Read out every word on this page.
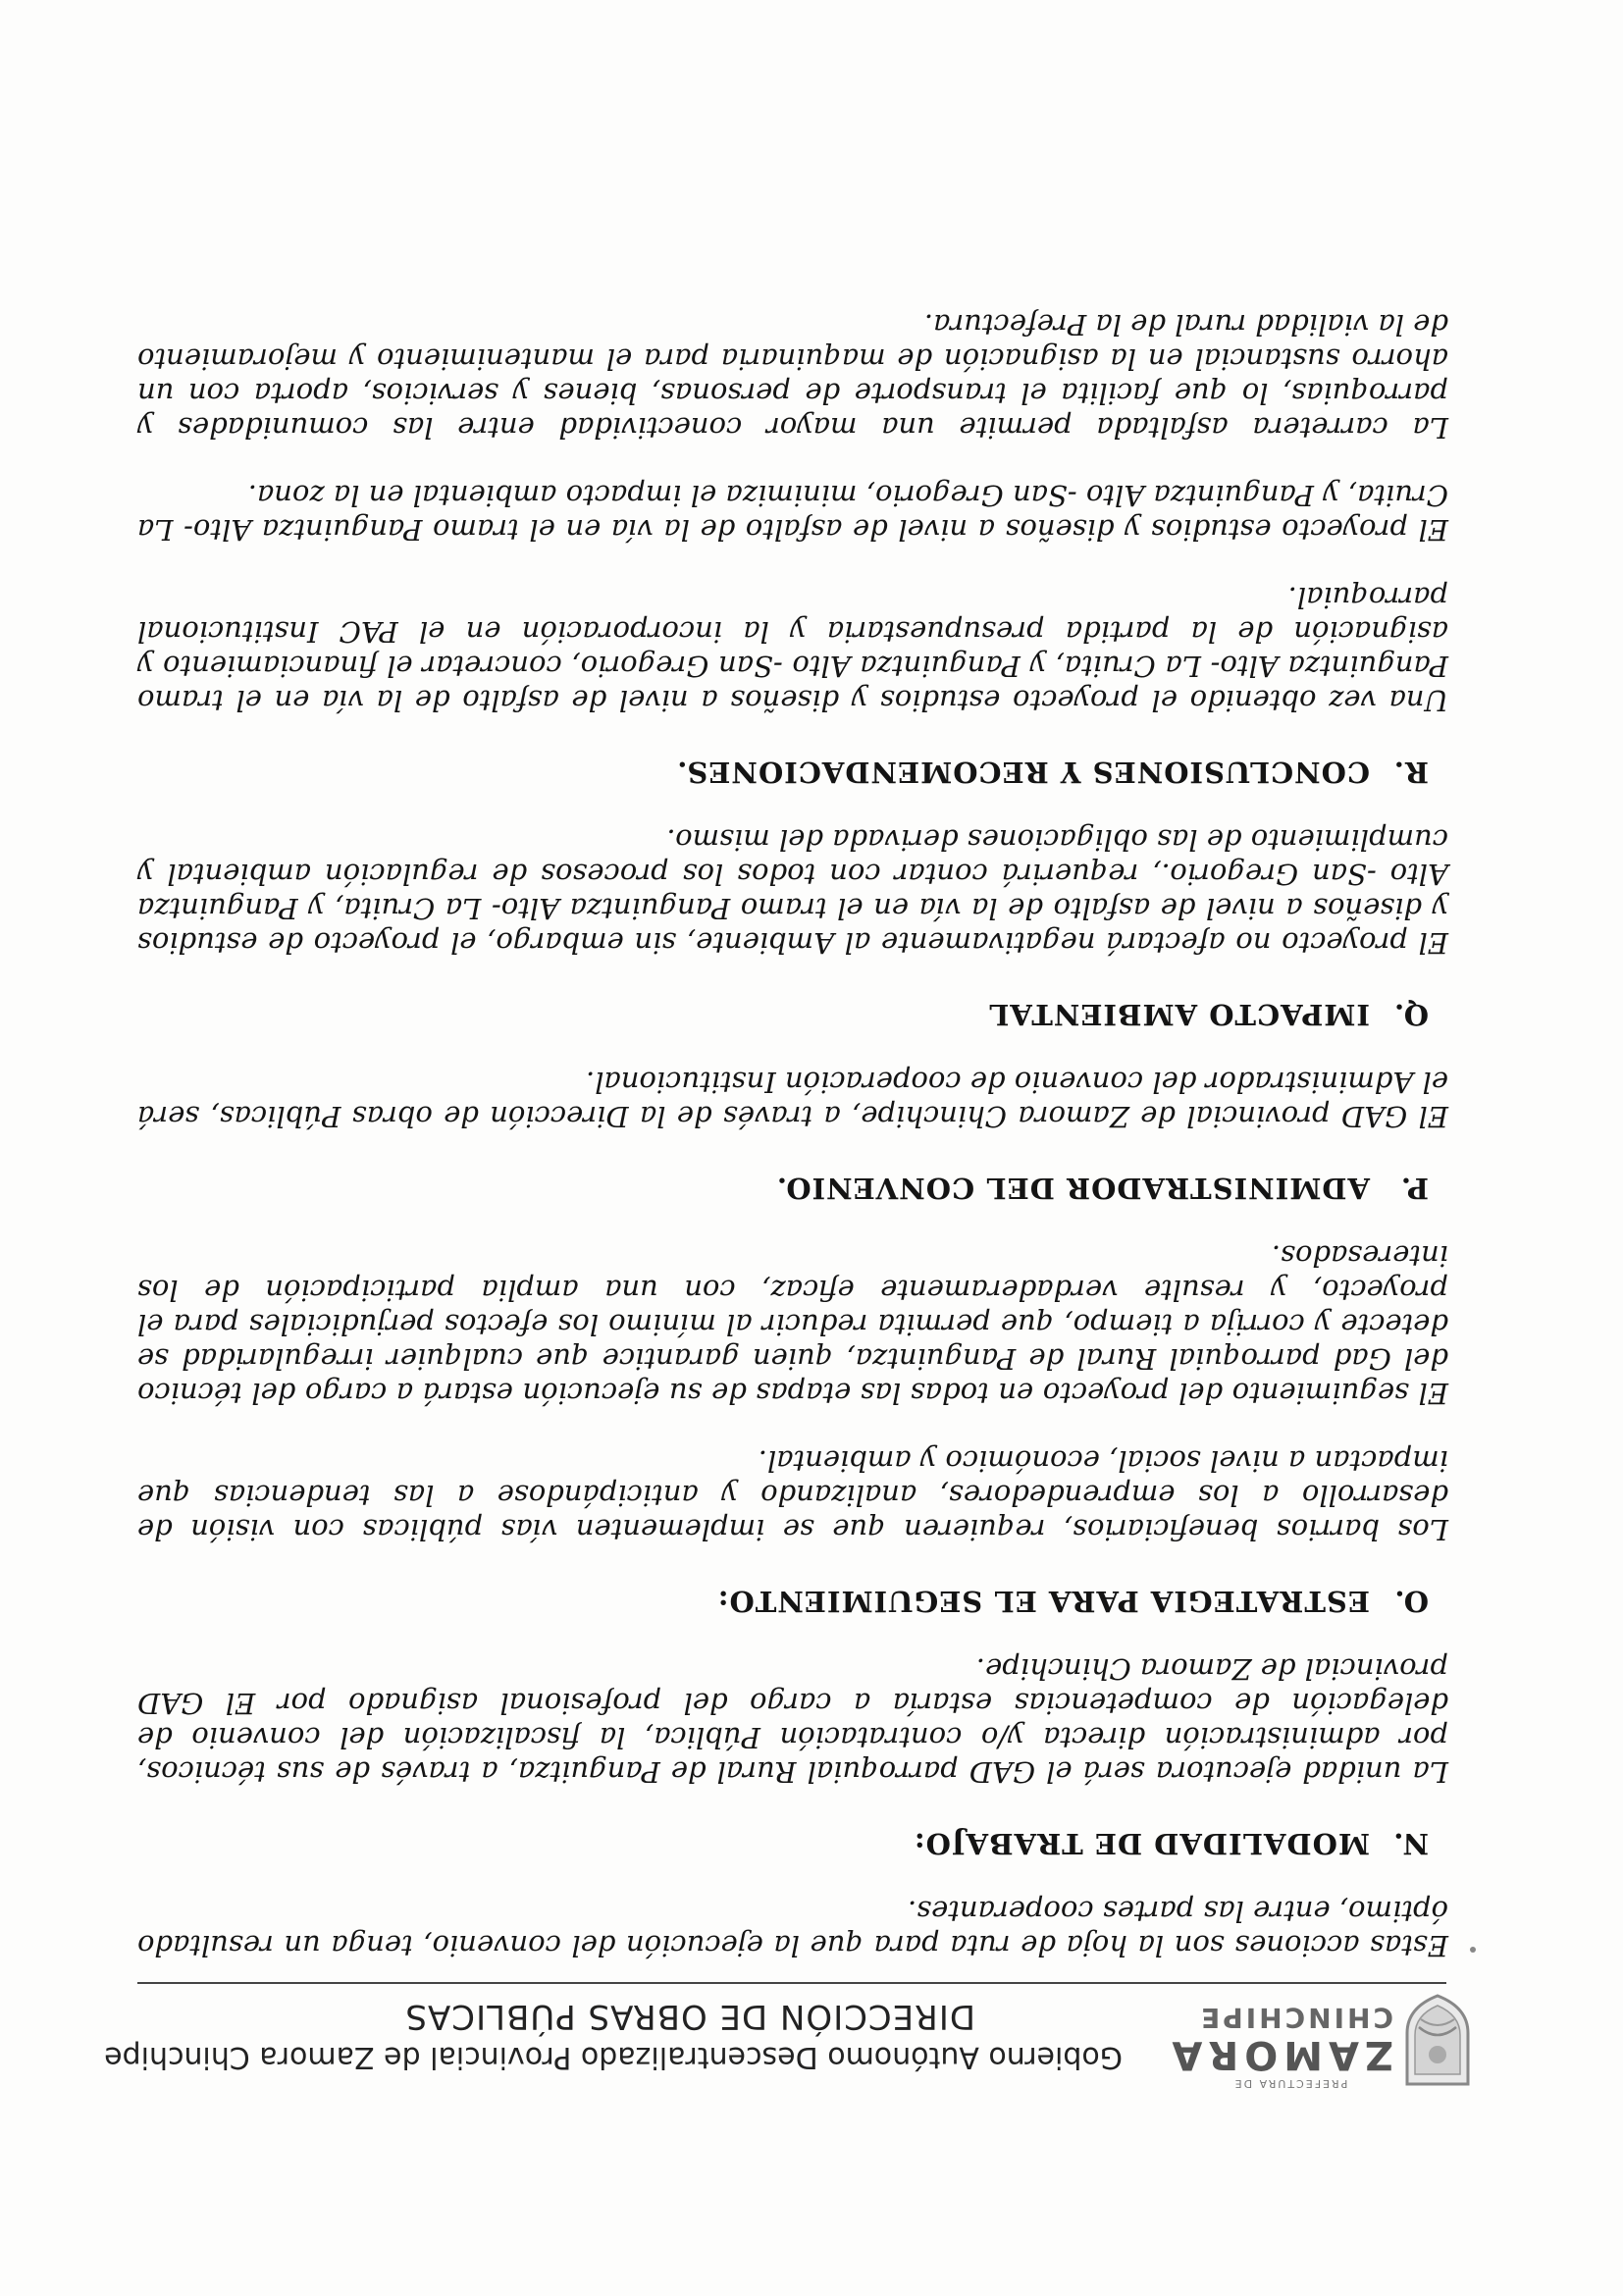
PREFECTURA DE
ZAMORA
CHINCHIPE
Gobierno Autónomo Descentralizado Provincial de Zamora Chinchipe
DIRECCIÓN DE OBRAS PÚBLICAS

Estas acciones son la hoja de ruta para que la ejecución del convenio, tenga un resultado óptimo, entre las partes cooperantes.

N.MODALIDAD DE TRABAJO:

La unidad ejecutora será el GAD parroquial Rural de Panguitza, a través de sus técnicos, por administración directa y/o contratación Pública, la fiscalización del convenio de delegación de competencias estaría a cargo del profesional asignado por El GAD provincial de Zamora Chinchipe.

O.ESTRATEGIA PARA EL SEGUIMIENTO:

Los barrios beneficiarios, requieren que se implementen vías públicas con visión de desarrollo a los emprendedores, analizando y anticipándose a las tendencias que impactan a nivel social, económico y ambiental.

El seguimiento del proyecto en todas las etapas de su ejecución estará a cargo del técnico del Gad parroquial Rural de Panguintza, quien garantice que cualquier irregularidad se detecte y corrija a tiempo, que permita reducir al mínimo los efectos perjudiciales para el proyecto, y resulte verdaderamente eficaz, con una amplia participación de los interesados.

P.ADMINISTRADOR DEL CONVENIO.

El GAD provincial de Zamora Chinchipe, a través de la Dirección de obras Públicas, será el Administrador del convenio de cooperación Institucional.

Q.IMPACTO AMBIENTAL

El proyecto no afectará negativamente al Ambiente, sin embargo, el proyecto de estudios y diseños a nivel de asfalto de la vía en el tramo Panguintza Alto- La Cruita, y Panguintza Alto -San Gregorio., requerirá contar con todos los procesos de regulación ambiental y cumplimiento de las obligaciones derivada del mismo.

R.CONCLUSIONES Y RECOMENDACIONES.

Una vez obtenido el proyecto estudios y diseños a nivel de asfalto de la vía en el tramo Panguintza Alto- La Cruita, y Panguintza Alto -San Gregorio, concretar el financiamiento y asignación de la partida presupuestaria y la incorporación en el PAC Institucional parroquial.

El proyecto estudios y diseños a nivel de asfalto de la vía en el tramo Panguintza Alto- La Cruita, y Panguintza Alto -San Gregorio, minimiza el impacto ambiental en la zona.

La carretera asfaltada permite una mayor conectividad entre las comunidades y parroquias, lo que facilita el transporte de personas, bienes y servicios, aporta con un ahorro sustancial en la asignación de maquinaria para el mantenimiento y mejoramiento de la vialidad rural de la Prefectura.
